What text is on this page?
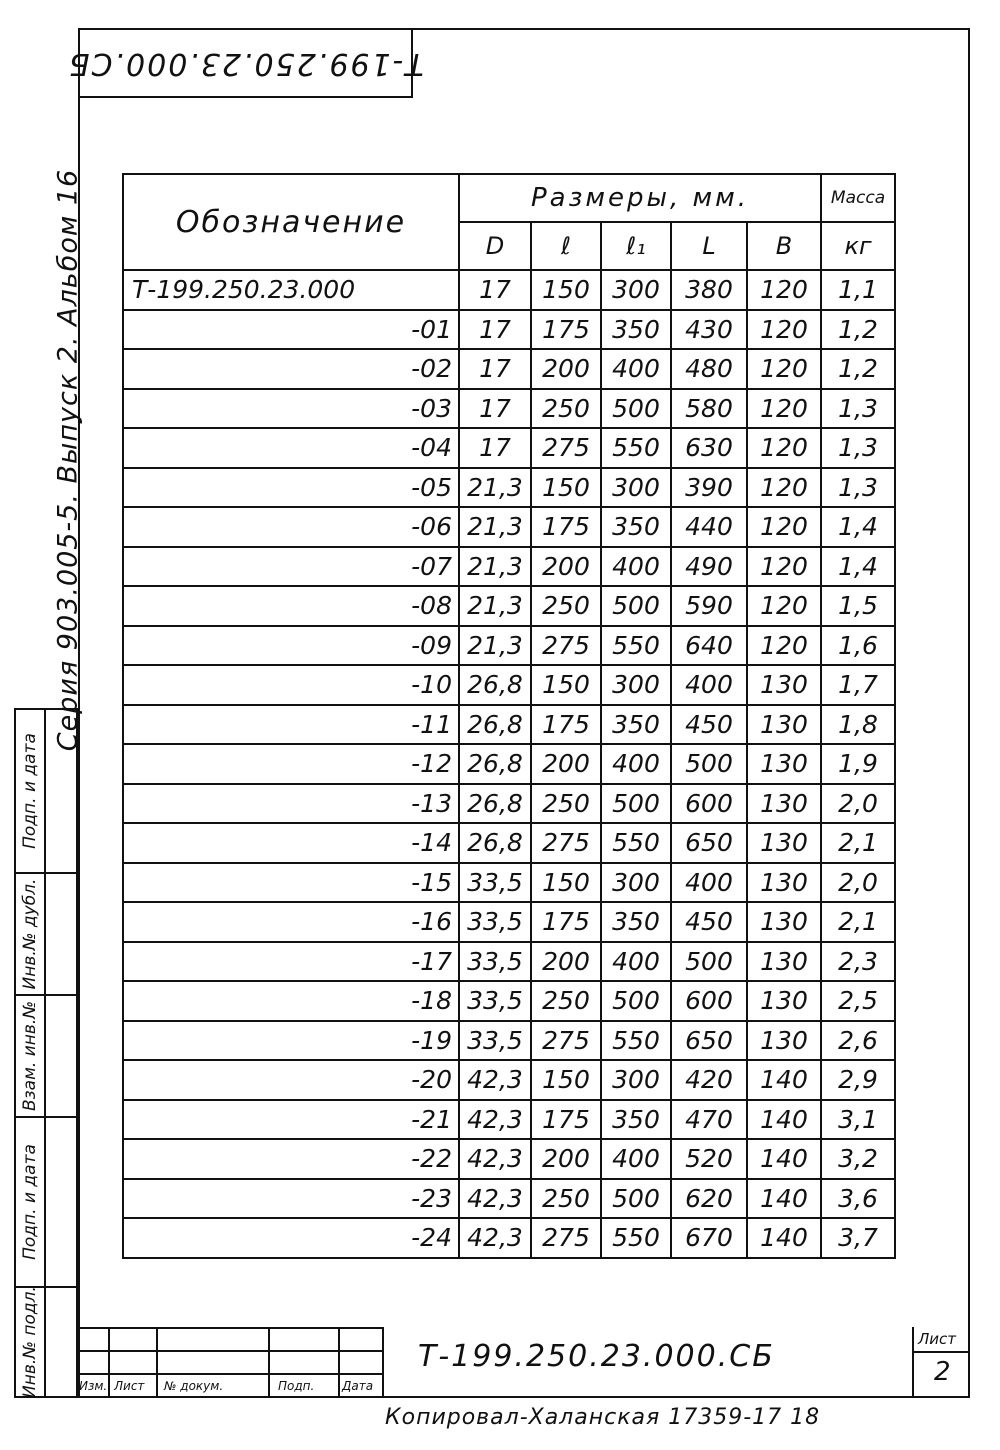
Т-199.250.23.000.СБ
Серия 903.005-5. Выпуск 2. Альбом 16
Подп. и дата
Инв.№ дубл.
Взам. инв.№
Подп. и дата
Инв.№ подл.
Обозначение	Размеры, мм.					Масса
	D	ℓ	ℓ₁	L	В	кг
Т-199.250.23.000	17	150	300	380	120	1,1
-01	17	175	350	430	120	1,2
-02	17	200	400	480	120	1,2
-03	17	250	500	580	120	1,3
-04	17	275	550	630	120	1,3
-05	21,3	150	300	390	120	1,3
-06	21,3	175	350	440	120	1,4
-07	21,3	200	400	490	120	1,4
-08	21,3	250	500	590	120	1,5
-09	21,3	275	550	640	120	1,6
-10	26,8	150	300	400	130	1,7
-11	26,8	175	350	450	130	1,8
-12	26,8	200	400	500	130	1,9
-13	26,8	250	500	600	130	2,0
-14	26,8	275	550	650	130	2,1
-15	33,5	150	300	400	130	2,0
-16	33,5	175	350	450	130	2,1
-17	33,5	200	400	500	130	2,3
-18	33,5	250	500	600	130	2,5
-19	33,5	275	550	650	130	2,6
-20	42,3	150	300	420	140	2,9
-21	42,3	175	350	470	140	3,1
-22	42,3	200	400	520	140	3,2
-23	42,3	250	500	620	140	3,6
-24	42,3	275	550	670	140	3,7
Изм. Лист № докум.	Подп. Дата
Т-199.250.23.000.СБ	Лист
2
Копировал-Халанская 17359-17 18
